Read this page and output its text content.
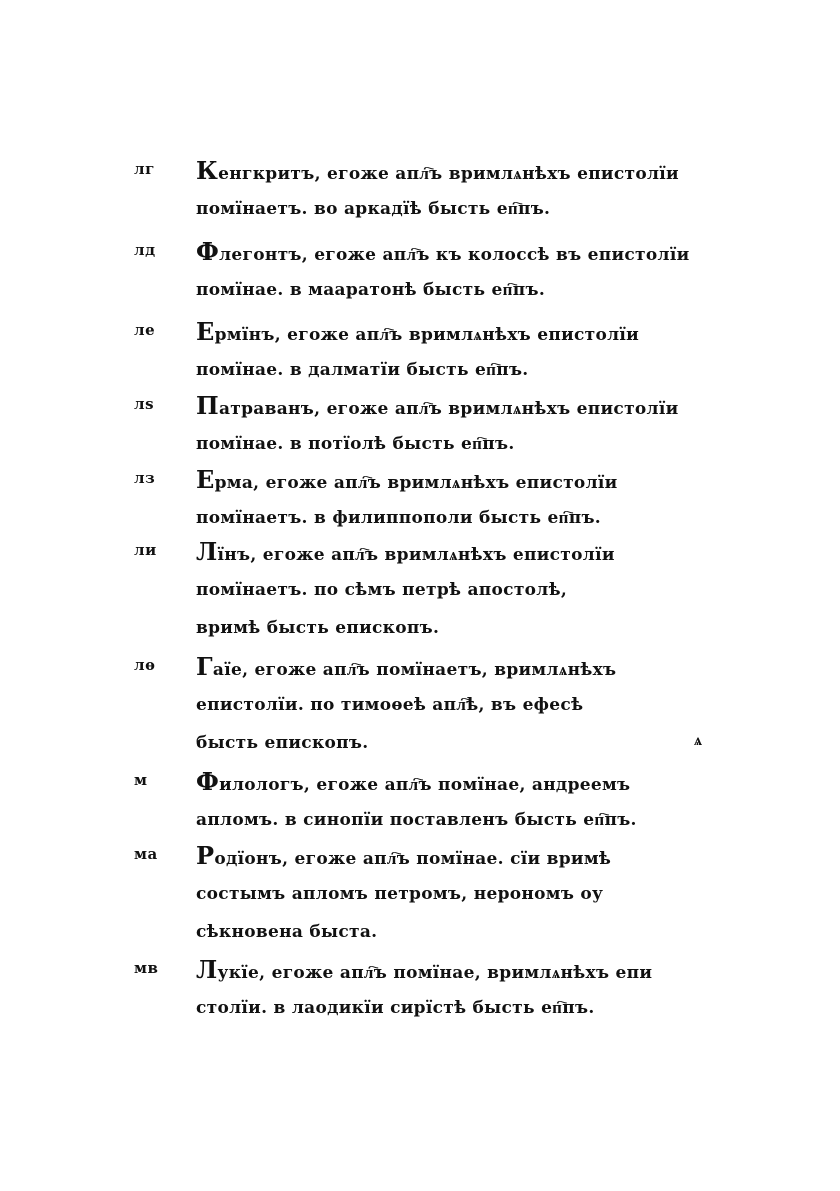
лг	Кенгкритъ, егоже апл҇ъ вримлѧнѣхъ епистолїи
помїнаетъ. во аркадїѣ бысть еп҇пъ.
лд	Флегонтъ, егоже апл҇ъ къ колоссѣ въ епистолїи
помїнае. в мааратонѣ бысть еп҇пъ.
ле	Ермїнъ, егоже апл҇ъ вримлѧнѣхъ епистолїи
помїнае. в далматїи бысть еп҇пъ.
лѕ	Патраванъ, егоже апл҇ъ вримлѧнѣхъ епистолїи
помїнае. в потїолѣ бысть еп҇пъ.
лз	Ерма, егоже апл҇ъ вримлѧнѣхъ епистолїи
помїнаетъ. в филиппополи бысть еп҇пъ.
ли	Лїнъ, егоже апл҇ъ вримлѧнѣхъ епистолїи
помїнаетъ. по сѣмъ петрѣ апостолѣ,
вримѣ бысть епископъ.
лѳ	Гаїе, егоже апл҇ъ помїнаетъ, вримлѧнѣхъ
епистолїи. по тимоѳеѣ апл҇ѣ, въ ефесѣ
бысть епископъ.
м	Филологъ, егоже апл҇ъ помїнае, андреемъ
апломъ. в синопїи поставленъ бысть еп҇пъ.
ма	Родїонъ, егоже апл҇ъ помїнае. сїи вримѣ
состымъ апломъ петромъ, нерономъ оу
сѣкновена быста.
мв	Лукїе, егоже апл҇ъ помїнае, вримлѧнѣхъ епи
столїи. в лаодикїи сирїстѣ бысть еп҇пъ.
ѧ
